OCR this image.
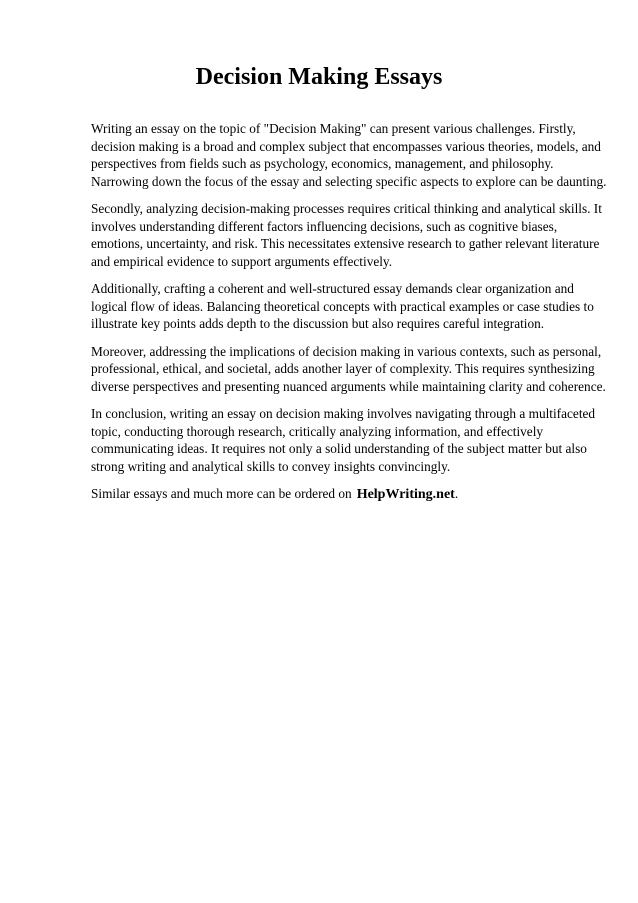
Decision Making Essays

Writing an essay on the topic of "Decision Making" can present various challenges. Firstly,
decision making is a broad and complex subject that encompasses various theories, models, and
perspectives from fields such as psychology, economics, management, and philosophy.
Narrowing down the focus of the essay and selecting specific aspects to explore can be daunting.

Secondly, analyzing decision-making processes requires critical thinking and analytical skills. It
involves understanding different factors influencing decisions, such as cognitive biases,
emotions, uncertainty, and risk. This necessitates extensive research to gather relevant literature
and empirical evidence to support arguments effectively.

Additionally, crafting a coherent and well-structured essay demands clear organization and
logical flow of ideas. Balancing theoretical concepts with practical examples or case studies to
illustrate key points adds depth to the discussion but also requires careful integration.

Moreover, addressing the implications of decision making in various contexts, such as personal,
professional, ethical, and societal, adds another layer of complexity. This requires synthesizing
diverse perspectives and presenting nuanced arguments while maintaining clarity and coherence.

In conclusion, writing an essay on decision making involves navigating through a multifaceted
topic, conducting thorough research, critically analyzing information, and effectively
communicating ideas. It requires not only a solid understanding of the subject matter but also
strong writing and analytical skills to convey insights convincingly.

Similar essays and much more can be ordered on HelpWriting.net.
